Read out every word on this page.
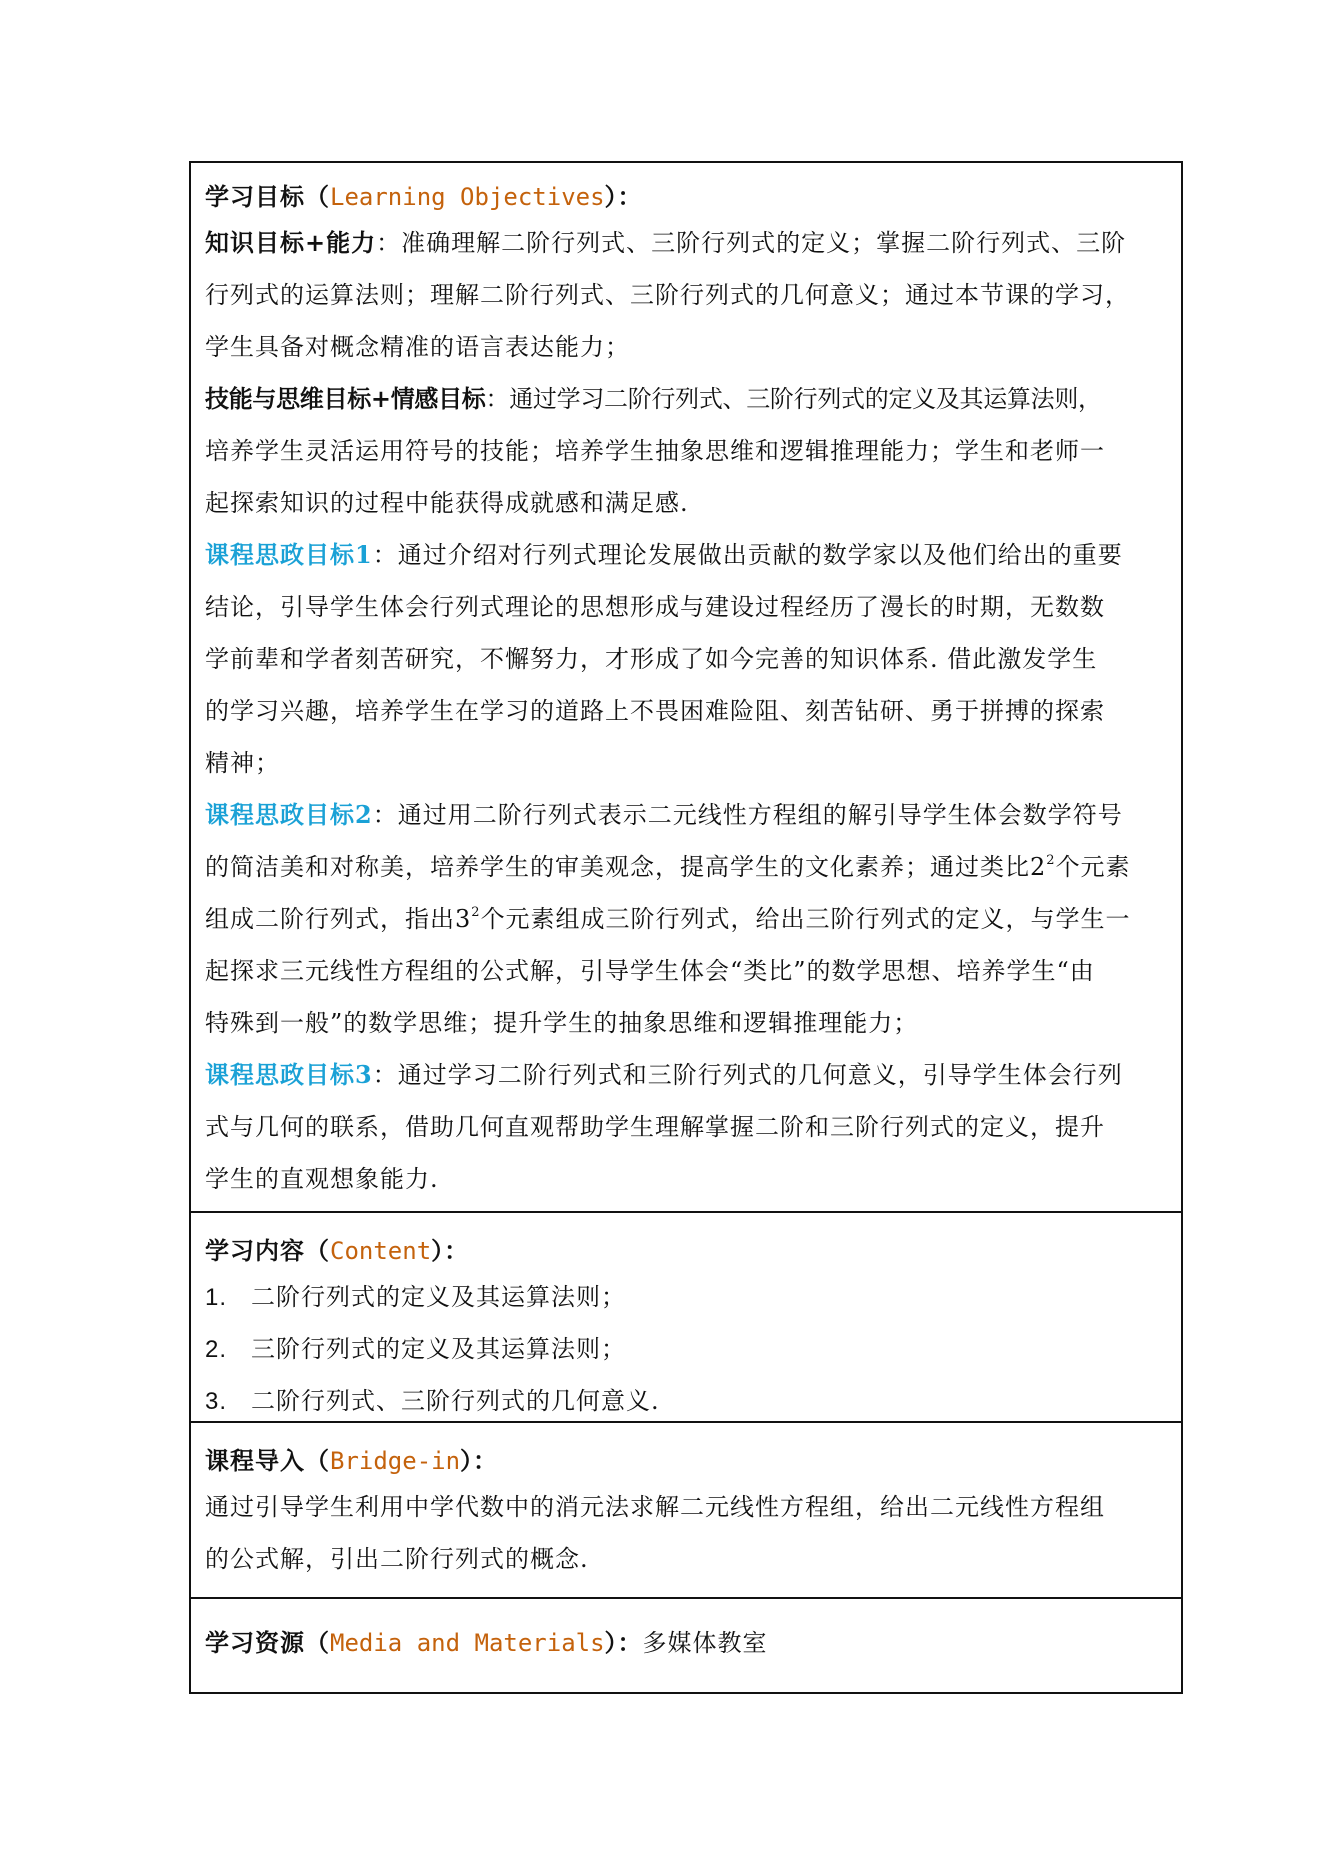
学习目标（Learning Objectives）：
知识目标+能力：准确理解二阶行列式、三阶行列式的定义；掌握二阶行列式、三阶
行列式的运算法则；理解二阶行列式、三阶行列式的几何意义；通过本节课的学习，
学生具备对概念精准的语言表达能力；
技能与思维目标+情感目标：通过学习二阶行列式、三阶行列式的定义及其运算法则，
培养学生灵活运用符号的技能；培养学生抽象思维和逻辑推理能力；学生和老师一
起探索知识的过程中能获得成就感和满足感.
课程思政目标1：通过介绍对行列式理论发展做出贡献的数学家以及他们给出的重要
结论，引导学生体会行列式理论的思想形成与建设过程经历了漫长的时期，无数数
学前辈和学者刻苦研究，不懈努力，才形成了如今完善的知识体系. 借此激发学生
的学习兴趣，培养学生在学习的道路上不畏困难险阻、刻苦钻研、勇于拼搏的探索
精神；
课程思政目标2：通过用二阶行列式表示二元线性方程组的解引导学生体会数学符号
的简洁美和对称美，培养学生的审美观念，提高学生的文化素养；通过类比$2^2$个元素
组成二阶行列式，指出$3^2$个元素组成三阶行列式，给出三阶行列式的定义，与学生一
起探求三元线性方程组的公式解，引导学生体会“类比”的数学思想、培养学生“由
特殊到一般”的数学思维；提升学生的抽象思维和逻辑推理能力；
课程思政目标3：通过学习二阶行列式和三阶行列式的几何意义，引导学生体会行列
式与几何的联系，借助几何直观帮助学生理解掌握二阶和三阶行列式的定义，提升
学生的直观想象能力.
学习内容（Content）：
1. 二阶行列式的定义及其运算法则；
2. 三阶行列式的定义及其运算法则；
3. 二阶行列式、三阶行列式的几何意义.
课程导入（Bridge-in）：
通过引导学生利用中学代数中的消元法求解二元线性方程组，给出二元线性方程组
的公式解，引出二阶行列式的概念.
学习资源（Media and Materials）：多媒体教室
